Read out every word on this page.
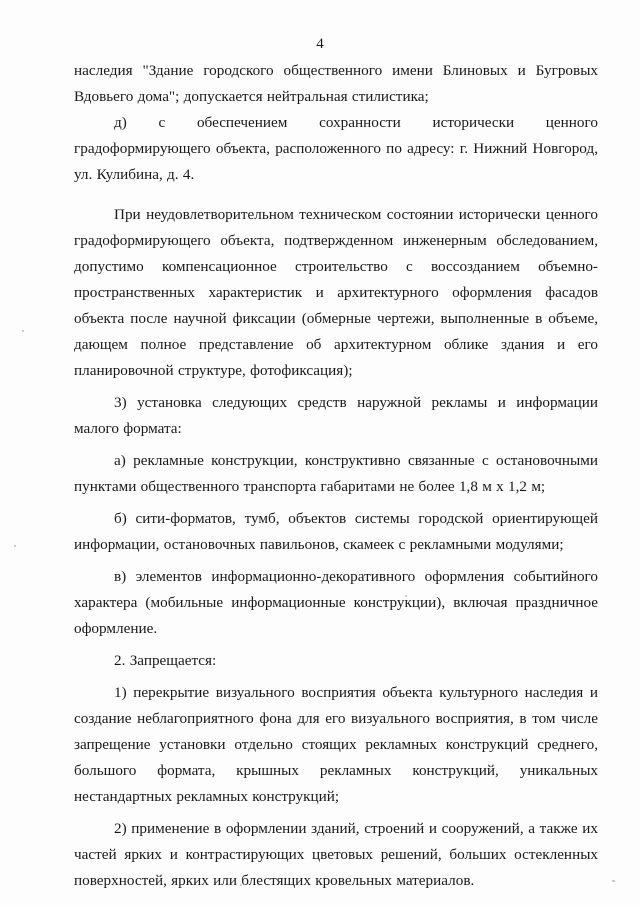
4

наследия "Здание городского общественного имени Блиновых и Бугровых Вдовьего дома"; допускается нейтральная стилистика;

д) с обеспечением сохранности исторически ценного

градоформирующего объекта, расположенного по адресу: г. Нижний Новгород, ул. Кулибина, д. 4.

При неудовлетворительном техническом состоянии исторически ценного градоформирующего объекта, подтвержденном инженерным обследованием, допустимо компенсационное строительство с воссозданием объемно-пространственных характеристик и архитектурного оформления фасадов объекта после научной фиксации (обмерные чертежи, выполненные в объеме, дающем полное представление об архитектурном облике здания и его планировочной структуре, фотофиксация);

3) установка следующих средств наружной рекламы и информации малого формата:

а) рекламные конструкции, конструктивно связанные с остановочными пунктами общественного транспорта габаритами не более 1,8 м х 1,2 м;

б) сити-форматов, тумб, объектов системы городской ориентирующей информации, остановочных павильонов, скамеек с рекламными модулями;

в) элементов информационно-декоративного оформления событийного характера (мобильные информационные конструкции), включая праздничное оформление.

2. Запрещается:

1) перекрытие визуального восприятия объекта культурного наследия и создание неблагоприятного фона для его визуального восприятия, в том числе запрещение установки отдельно стоящих рекламных конструкций среднего, большого формата, крышных рекламных конструкций, уникальных нестандартных рекламных конструкций;

2) применение в оформлении зданий, строений и сооружений, а также их частей ярких и контрастирующих цветовых решений, больших остекленных поверхностей, ярких или блестящих кровельных материалов.
